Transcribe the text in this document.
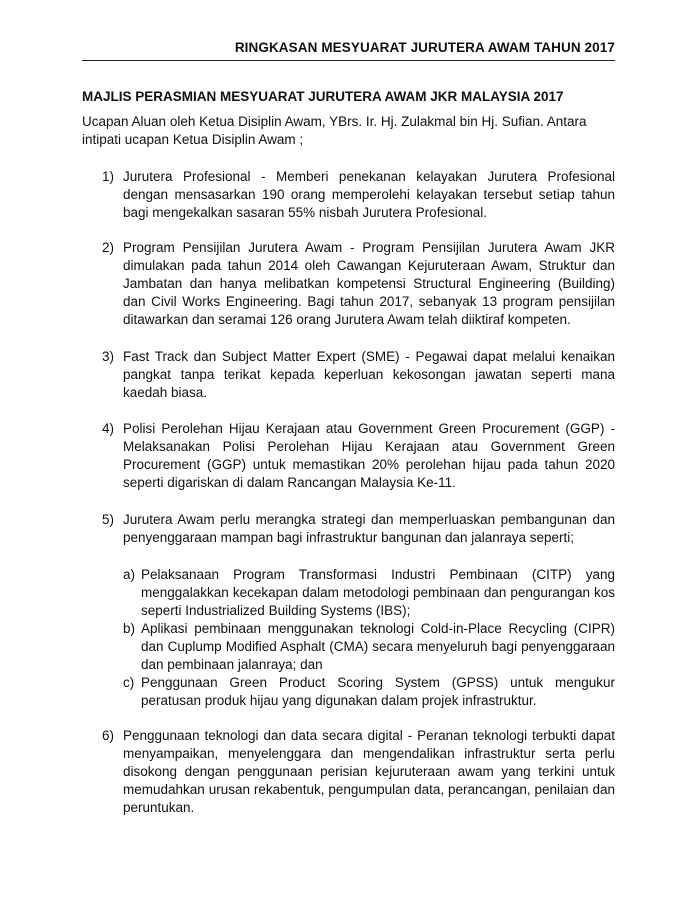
RINGKASAN MESYUARAT JURUTERA AWAM TAHUN 2017
MAJLIS PERASMIAN MESYUARAT JURUTERA AWAM JKR MALAYSIA 2017

Ucapan Aluan oleh Ketua Disiplin Awam, YBrs. Ir. Hj. Zulakmal bin Hj. Sufian. Antara intipati ucapan Ketua Disiplin Awam ;

1) Jurutera Profesional - Memberi penekanan kelayakan Jurutera Profesional dengan mensasarkan 190 orang memperolehi kelayakan tersebut setiap tahun bagi mengekalkan sasaran 55% nisbah Jurutera Profesional.
2) Program Pensijilan Jurutera Awam - Program Pensijilan Jurutera Awam JKR dimulakan pada tahun 2014 oleh Cawangan Kejuruteraan Awam, Struktur dan Jambatan dan hanya melibatkan kompetensi Structural Engineering (Building) dan Civil Works Engineering. Bagi tahun 2017, sebanyak 13 program pensijilan ditawarkan dan seramai 126 orang Jurutera Awam telah diiktiraf kompeten.
3) Fast Track dan Subject Matter Expert (SME) - Pegawai dapat melalui kenaikan pangkat tanpa terikat kepada keperluan kekosongan jawatan seperti mana kaedah biasa.
4) Polisi Perolehan Hijau Kerajaan atau Government Green Procurement (GGP) - Melaksanakan Polisi Perolehan Hijau Kerajaan atau Government Green Procurement (GGP) untuk memastikan 20% perolehan hijau pada tahun 2020 seperti digariskan di dalam Rancangan Malaysia Ke-11.
5) Jurutera Awam perlu merangka strategi dan memperluaskan pembangunan dan penyenggaraan mampan bagi infrastruktur bangunan dan jalanraya seperti;
a) Pelaksanaan Program Transformasi Industri Pembinaan (CITP) yang menggalakkan kecekapan dalam metodologi pembinaan dan pengurangan kos seperti Industrialized Building Systems (IBS);
b) Aplikasi pembinaan menggunakan teknologi Cold-in-Place Recycling (CIPR) dan Cuplump Modified Asphalt (CMA) secara menyeluruh bagi penyenggaraan dan pembinaan jalanraya; dan
c) Penggunaan Green Product Scoring System (GPSS) untuk mengukur peratusan produk hijau yang digunakan dalam projek infrastruktur.
6) Penggunaan teknologi dan data secara digital - Peranan teknologi terbukti dapat menyampaikan, menyelenggara dan mengendalikan infrastruktur serta perlu disokong dengan penggunaan perisian kejuruteraan awam yang terkini untuk memudahkan urusan rekabentuk, pengumpulan data, perancangan, penilaian dan peruntukan.
